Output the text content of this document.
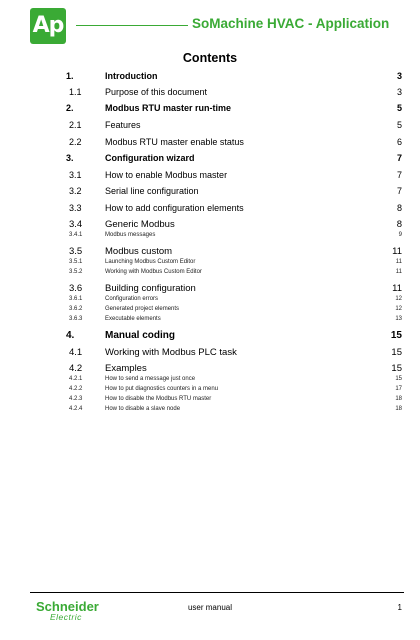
Ap	SoMachine HVAC - Application
Contents
1.	Introduction	3
1.1	Purpose of this document	3
2.	Modbus RTU master run-time	5
2.1	Features	5
2.2	Modbus RTU master enable status	6
3.	Configuration wizard	7
3.1	How to enable Modbus master	7
3.2	Serial line configuration	7
3.3	How to add configuration elements	8
3.4 Generic Modbus	8
3.4.1	Modbus messages	9
3.5 Modbus custom	11
3.5.1	Launching Modbus Custom Editor	11
3.5.2	Working with Modbus Custom Editor	11
3.6 Building configuration	11
3.6.1	Configuration errors	12
3.6.2	Generated project elements	12
3.6.3	Executable elements	13
4.	Manual coding	15
4.1 Working with Modbus PLC task	15
4.2 Examples	15
4.2.1	How to send a message just once	15
4.2.2	How to put diagnostics counters in a menu	17
4.2.3	How to disable the Modbus RTU master	18
4.2.4	How to disable a slave node	18
Schneider
Electric
user manual	1
